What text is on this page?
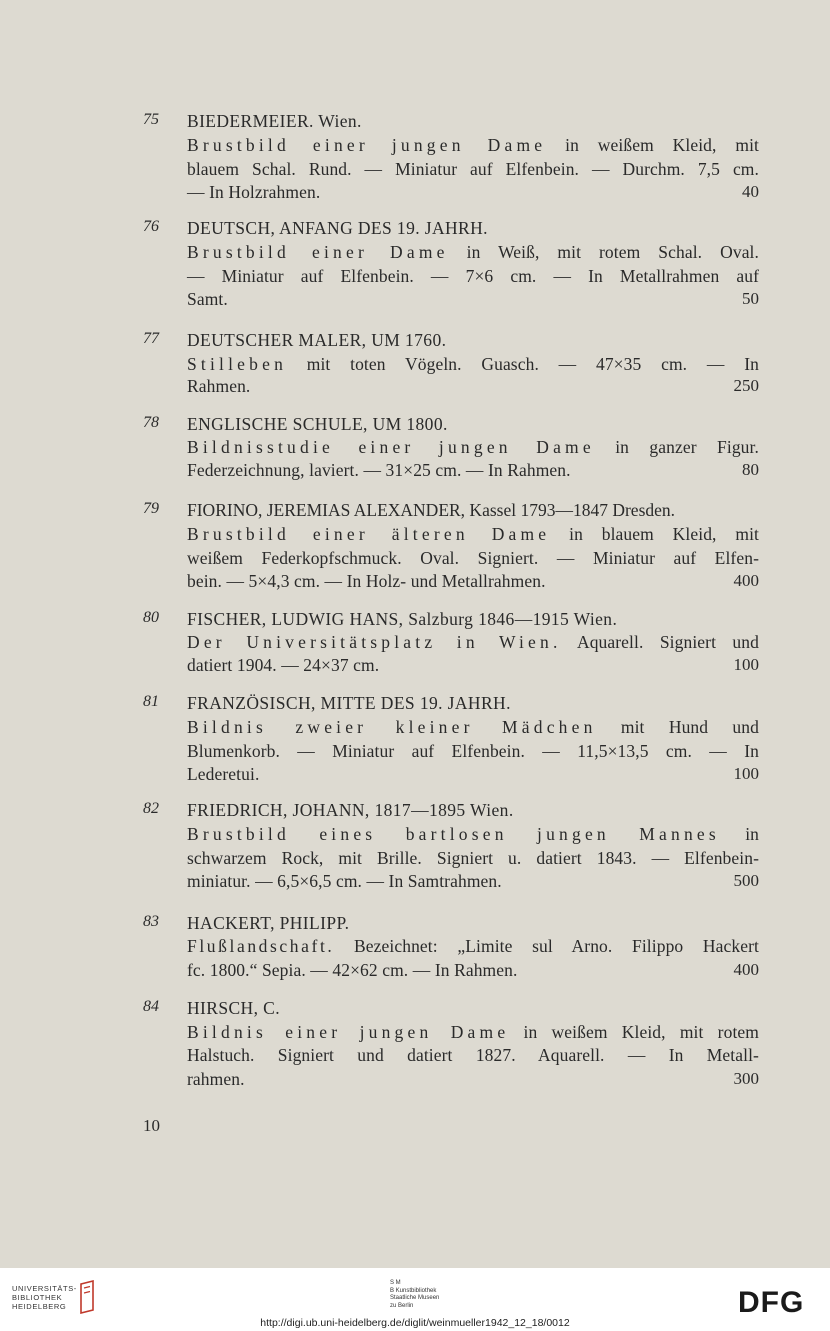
75 BIEDERMEIER. Wien.
Brustbild einer jungen Dame in weißem Kleid, mit
blauem Schal. Rund. — Miniatur auf Elfenbein. — Durchm. 7,5 cm.
— In Holzrahmen.	40
76 DEUTSCH, ANFANG DES 19. JAHRH.
Brustbild einer Dame in Weiß, mit rotem Schal. Oval.
— Miniatur auf Elfenbein. — 7×6 cm. — In Metallrahmen auf
Samt.	50
77 DEUTSCHER MALER, UM 1760.
Stilleben mit toten Vögeln. Guasch. — 47×35 cm. — In
Rahmen.	250
78 ENGLISCHE SCHULE, UM 1800.
Bildnisstudie einer jungen Dame in ganzer Figur.
Federzeichnung, laviert. — 31×25 cm. — In Rahmen.	80
79 FIORINO, JEREMIAS ALEXANDER, Kassel 1793—1847 Dresden.
Brustbild einer älteren Dame in blauem Kleid, mit
weißem Federkopfschmuck. Oval. Signiert. — Miniatur auf Elfen-
bein. — 5×4,3 cm. — In Holz- und Metallrahmen.	400
80 FISCHER, LUDWIG HANS, Salzburg 1846—1915 Wien.
Der Universitätsplatz in Wien. Aquarell. Signiert und
datiert 1904. — 24×37 cm.	100
81 FRANZÖSISCH, MITTE DES 19. JAHRH.
Bildnis zweier kleiner Mädchen mit Hund und
Blumenkorb. — Miniatur auf Elfenbein. — 11,5×13,5 cm. — In
Lederetui.	100
82 FRIEDRICH, JOHANN, 1817—1895 Wien.
Brustbild eines bartlosen jungen Mannes in
schwarzem Rock, mit Brille. Signiert u. datiert 1843. — Elfenbein-
miniatur. — 6,5×6,5 cm. — In Samtrahmen.	500
83 HACKERT, PHILIPP.
Flußlandschaft. Bezeichnet: „Limite sul Arno. Filippo Hackert
fc. 1800.“ Sepia. — 42×62 cm. — In Rahmen.	400
84 HIRSCH, C.
Bildnis einer jungen Dame in weißem Kleid, mit rotem
Halstuch. Signiert und datiert 1827. Aquarell. — In Metall-
rahmen.	300
10
UNIVERSITÄTS-
BIBLIOTHEK
HEIDELBERG
S M
B Kunstbibliothek
Staatliche Museen
zu Berlin	DFG
http://digi.ub.uni-heidelberg.de/diglit/weinmueller1942_12_18/0012
